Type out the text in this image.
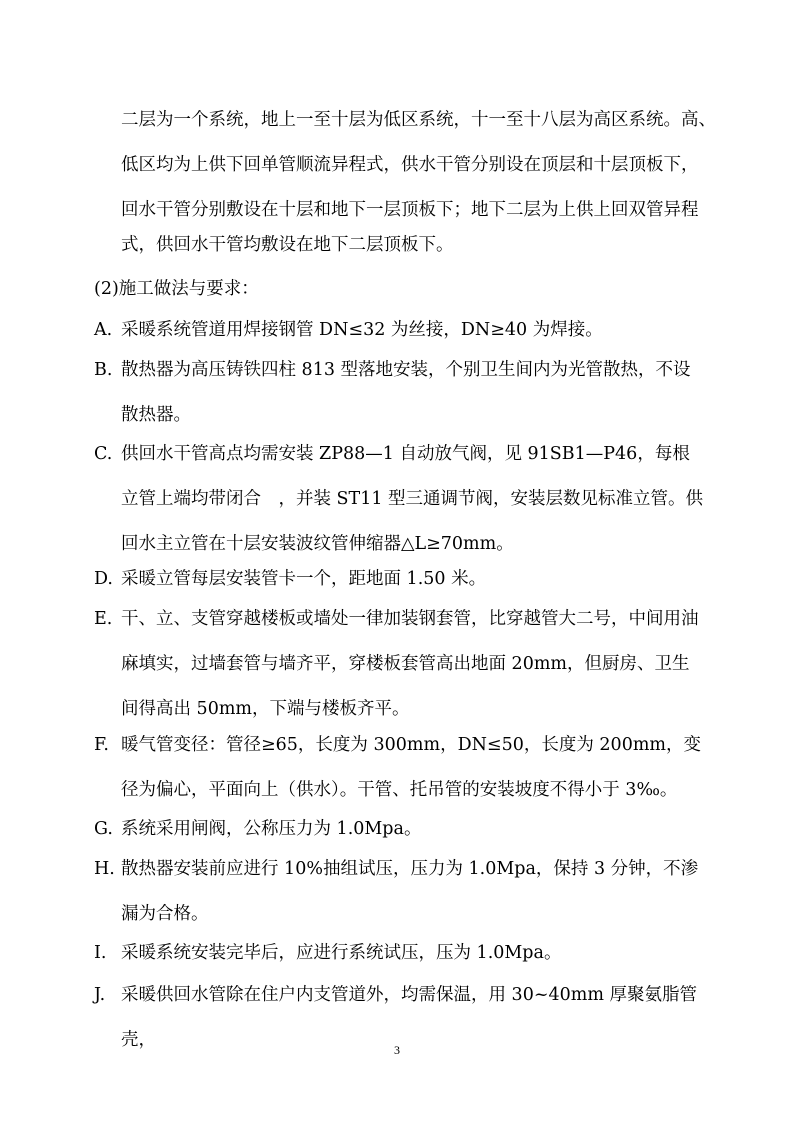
二层为一个系统，地上一至十层为低区系统，十一至十八层为高区系统。高、
低区均为上供下回单管顺流异程式，供水干管分别设在顶层和十层顶板下，
回水干管分别敷设在十层和地下一层顶板下；地下二层为上供上回双管异程
式，供回水干管均敷设在地下二层顶板下。
(2)施工做法与要求：
A. 采暖系统管道用焊接钢管 DN≤32 为丝接，DN≥40 为焊接。
B. 散热器为高压铸铁四柱 813 型落地安装，个别卫生间内为光管散热，不设散热器。
C. 供回水干管高点均需安装 ZP88—1 自动放气阀，见 91SB1—P46，每根立管上端均带闭合　，并装 ST11 型三通调节阀，安装层数见标准立管。供回水主立管在十层安装波纹管伸缩器△L≥70mm。
D. 采暖立管每层安装管卡一个，距地面 1.50 米。
E. 干、立、支管穿越楼板或墙处一律加装钢套管，比穿越管大二号，中间用油麻填实，过墙套管与墙齐平，穿楼板套管高出地面 20mm，但厨房、卫生间得高出 50mm，下端与楼板齐平。
F. 暖气管变径：管径≥65，长度为 300mm，DN≤50，长度为 200mm，变径为偏心，平面向上（供水）。干管、托吊管的安装坡度不得小于 3‰。
G. 系统采用闸阀，公称压力为 1.0Mpa。
H. 散热器安装前应进行 10%抽组试压，压力为 1.0Mpa，保持 3 分钟，不渗漏为合格。
I. 采暖系统安装完毕后，应进行系统试压，压为 1.0Mpa。
J. 采暖供回水管除在住户内支管道外，均需保温，用 30~40mm 厚聚氨脂管壳，	3
